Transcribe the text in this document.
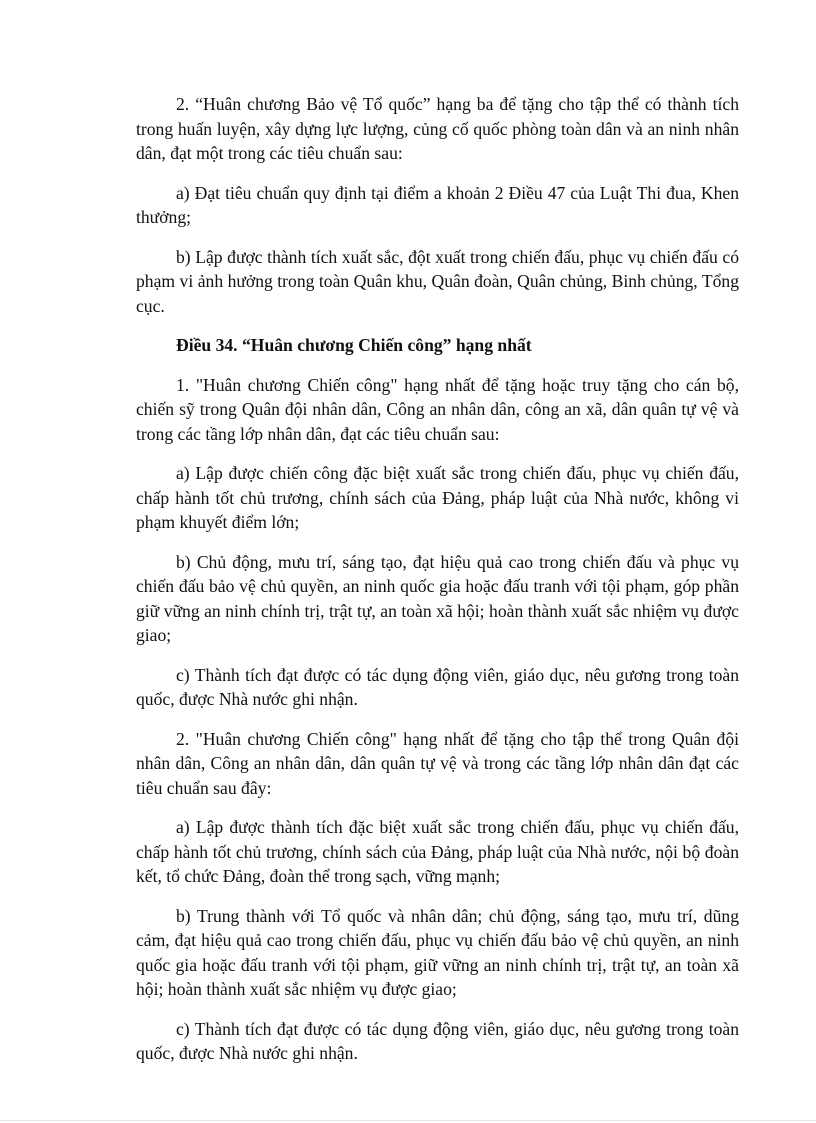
2. “Huân chương Bảo vệ Tổ quốc” hạng ba để tặng cho tập thể có thành tích trong huấn luyện, xây dựng lực lượng, củng cố quốc phòng toàn dân và an ninh nhân dân, đạt một trong các tiêu chuẩn sau:

a) Đạt tiêu chuẩn quy định tại điểm a khoản 2 Điều 47 của Luật Thi đua, Khen thưởng;

b) Lập được thành tích xuất sắc, đột xuất trong chiến đấu, phục vụ chiến đấu có phạm vi ảnh hưởng trong toàn Quân khu, Quân đoàn, Quân chủng, Binh chủng, Tổng cục.

Điều 34. “Huân chương Chiến công” hạng nhất

1. "Huân chương Chiến công" hạng nhất để tặng hoặc truy tặng cho cán bộ, chiến sỹ trong Quân đội nhân dân, Công an nhân dân, công an xã, dân quân tự vệ và trong các tầng lớp nhân dân, đạt các tiêu chuẩn sau:

a) Lập được chiến công đặc biệt xuất sắc trong chiến đấu, phục vụ chiến đấu, chấp hành tốt chủ trương, chính sách của Đảng, pháp luật của Nhà nước, không vi phạm khuyết điểm lớn;

b) Chủ động, mưu trí, sáng tạo, đạt hiệu quả cao trong chiến đấu và phục vụ chiến đấu bảo vệ chủ quyền, an ninh quốc gia hoặc đấu tranh với tội phạm, góp phần giữ vững an ninh chính trị, trật tự, an toàn xã hội; hoàn thành xuất sắc nhiệm vụ được giao;

c) Thành tích đạt được có tác dụng động viên, giáo dục, nêu gương trong toàn quốc, được Nhà nước ghi nhận.

2. "Huân chương Chiến công" hạng nhất để tặng cho tập thể trong Quân đội nhân dân, Công an nhân dân, dân quân tự vệ và trong các tầng lớp nhân dân đạt các tiêu chuẩn sau đây:

a) Lập được thành tích đặc biệt xuất sắc trong chiến đấu, phục vụ chiến đấu, chấp hành tốt chủ trương, chính sách của Đảng, pháp luật của Nhà nước, nội bộ đoàn kết, tổ chức Đảng, đoàn thể trong sạch, vững mạnh;

b) Trung thành với Tổ quốc và nhân dân; chủ động, sáng tạo, mưu trí, dũng cảm, đạt hiệu quả cao trong chiến đấu, phục vụ chiến đấu bảo vệ chủ quyền, an ninh quốc gia hoặc đấu tranh với tội phạm, giữ vững an ninh chính trị, trật tự, an toàn xã hội; hoàn thành xuất sắc nhiệm vụ được giao;

c) Thành tích đạt được có tác dụng động viên, giáo dục, nêu gương trong toàn quốc, được Nhà nước ghi nhận.
